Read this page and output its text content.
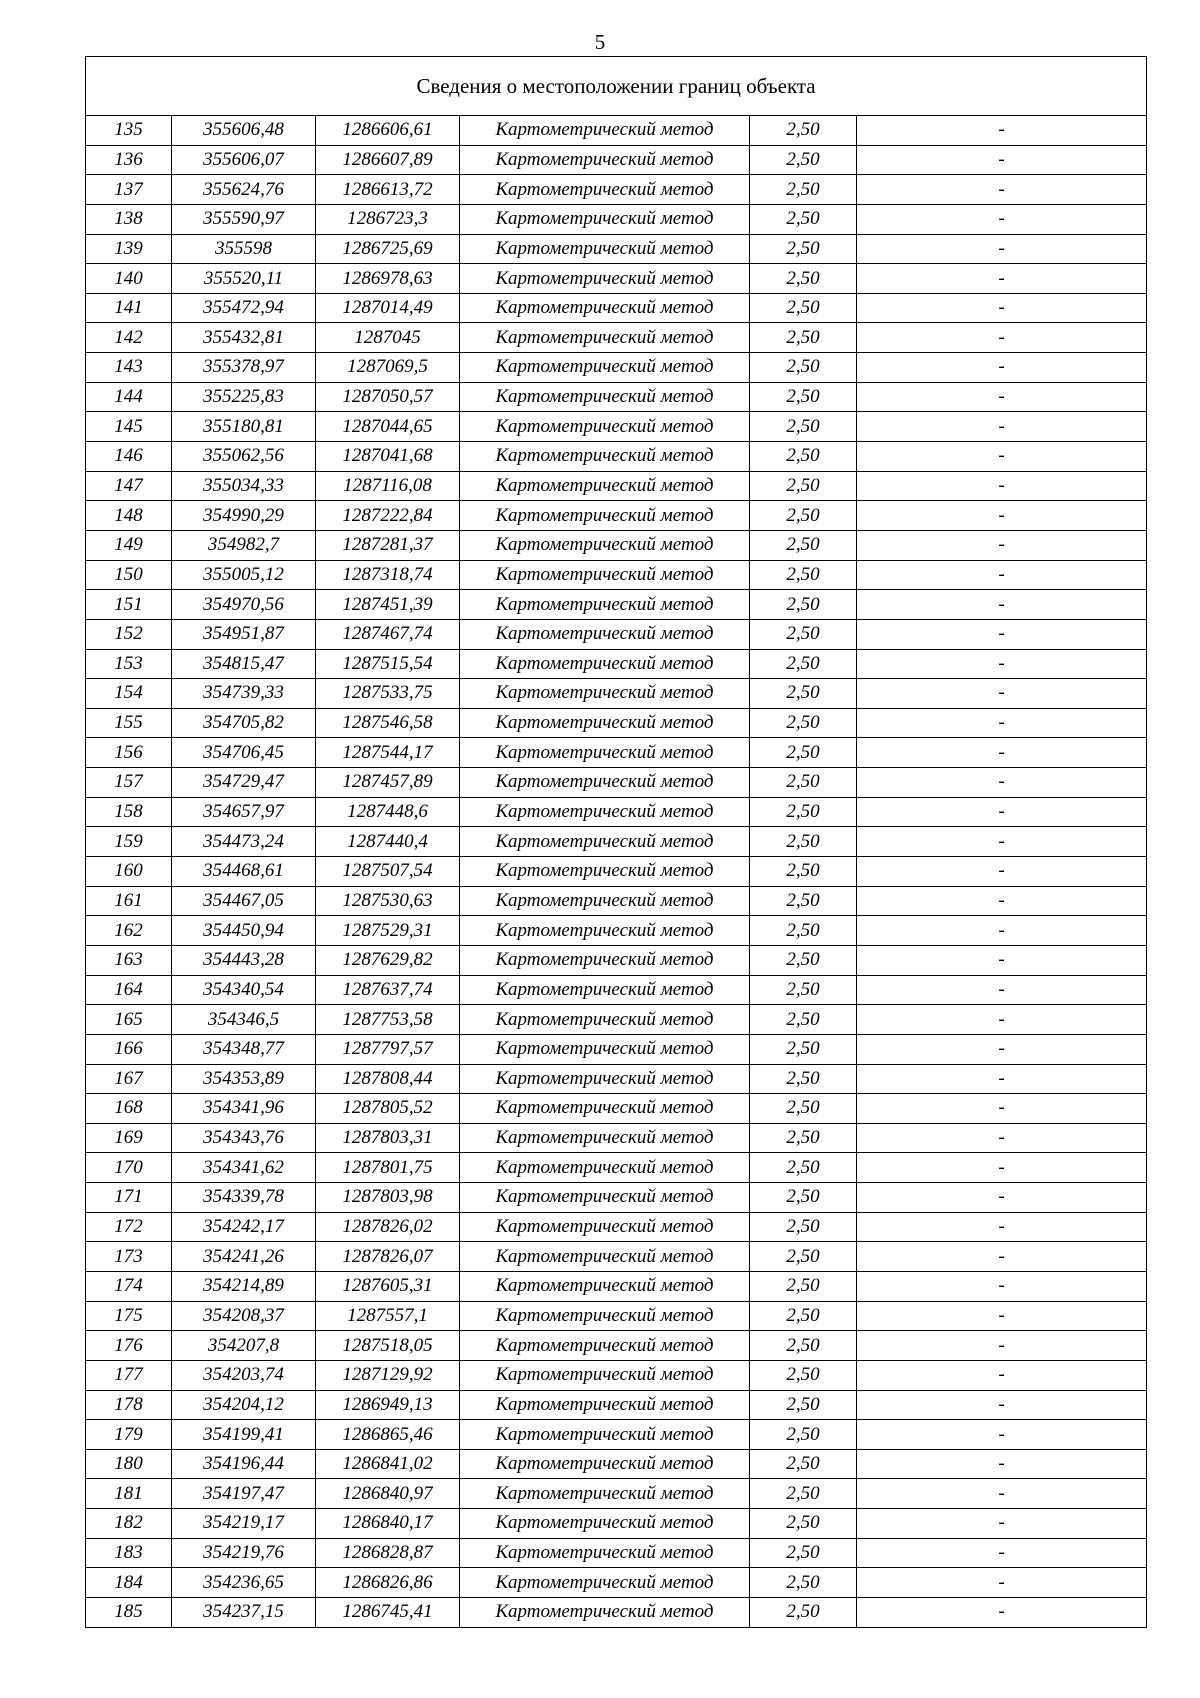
5
Сведения о местоположении границ объекта					
135	355606,48	1286606,61	Картометрический метод	2,50	-
136	355606,07	1286607,89	Картометрический метод	2,50	-
137	355624,76	1286613,72	Картометрический метод	2,50	-
138	355590,97	1286723,3	Картометрический метод	2,50	-
139	355598	1286725,69	Картометрический метод	2,50	-
140	355520,11	1286978,63	Картометрический метод	2,50	-
141	355472,94	1287014,49	Картометрический метод	2,50	-
142	355432,81	1287045	Картометрический метод	2,50	-
143	355378,97	1287069,5	Картометрический метод	2,50	-
144	355225,83	1287050,57	Картометрический метод	2,50	-
145	355180,81	1287044,65	Картометрический метод	2,50	-
146	355062,56	1287041,68	Картометрический метод	2,50	-
147	355034,33	1287116,08	Картометрический метод	2,50	-
148	354990,29	1287222,84	Картометрический метод	2,50	-
149	354982,7	1287281,37	Картометрический метод	2,50	-
150	355005,12	1287318,74	Картометрический метод	2,50	-
151	354970,56	1287451,39	Картометрический метод	2,50	-
152	354951,87	1287467,74	Картометрический метод	2,50	-
153	354815,47	1287515,54	Картометрический метод	2,50	-
154	354739,33	1287533,75	Картометрический метод	2,50	-
155	354705,82	1287546,58	Картометрический метод	2,50	-
156	354706,45	1287544,17	Картометрический метод	2,50	-
157	354729,47	1287457,89	Картометрический метод	2,50	-
158	354657,97	1287448,6	Картометрический метод	2,50	-
159	354473,24	1287440,4	Картометрический метод	2,50	-
160	354468,61	1287507,54	Картометрический метод	2,50	-
161	354467,05	1287530,63	Картометрический метод	2,50	-
162	354450,94	1287529,31	Картометрический метод	2,50	-
163	354443,28	1287629,82	Картометрический метод	2,50	-
164	354340,54	1287637,74	Картометрический метод	2,50	-
165	354346,5	1287753,58	Картометрический метод	2,50	-
166	354348,77	1287797,57	Картометрический метод	2,50	-
167	354353,89	1287808,44	Картометрический метод	2,50	-
168	354341,96	1287805,52	Картометрический метод	2,50	-
169	354343,76	1287803,31	Картометрический метод	2,50	-
170	354341,62	1287801,75	Картометрический метод	2,50	-
171	354339,78	1287803,98	Картометрический метод	2,50	-
172	354242,17	1287826,02	Картометрический метод	2,50	-
173	354241,26	1287826,07	Картометрический метод	2,50	-
174	354214,89	1287605,31	Картометрический метод	2,50	-
175	354208,37	1287557,1	Картометрический метод	2,50	-
176	354207,8	1287518,05	Картометрический метод	2,50	-
177	354203,74	1287129,92	Картометрический метод	2,50	-
178	354204,12	1286949,13	Картометрический метод	2,50	-
179	354199,41	1286865,46	Картометрический метод	2,50	-
180	354196,44	1286841,02	Картометрический метод	2,50	-
181	354197,47	1286840,97	Картометрический метод	2,50	-
182	354219,17	1286840,17	Картометрический метод	2,50	-
183	354219,76	1286828,87	Картометрический метод	2,50	-
184	354236,65	1286826,86	Картометрический метод	2,50	-
185	354237,15	1286745,41	Картометрический метод	2,50	-
